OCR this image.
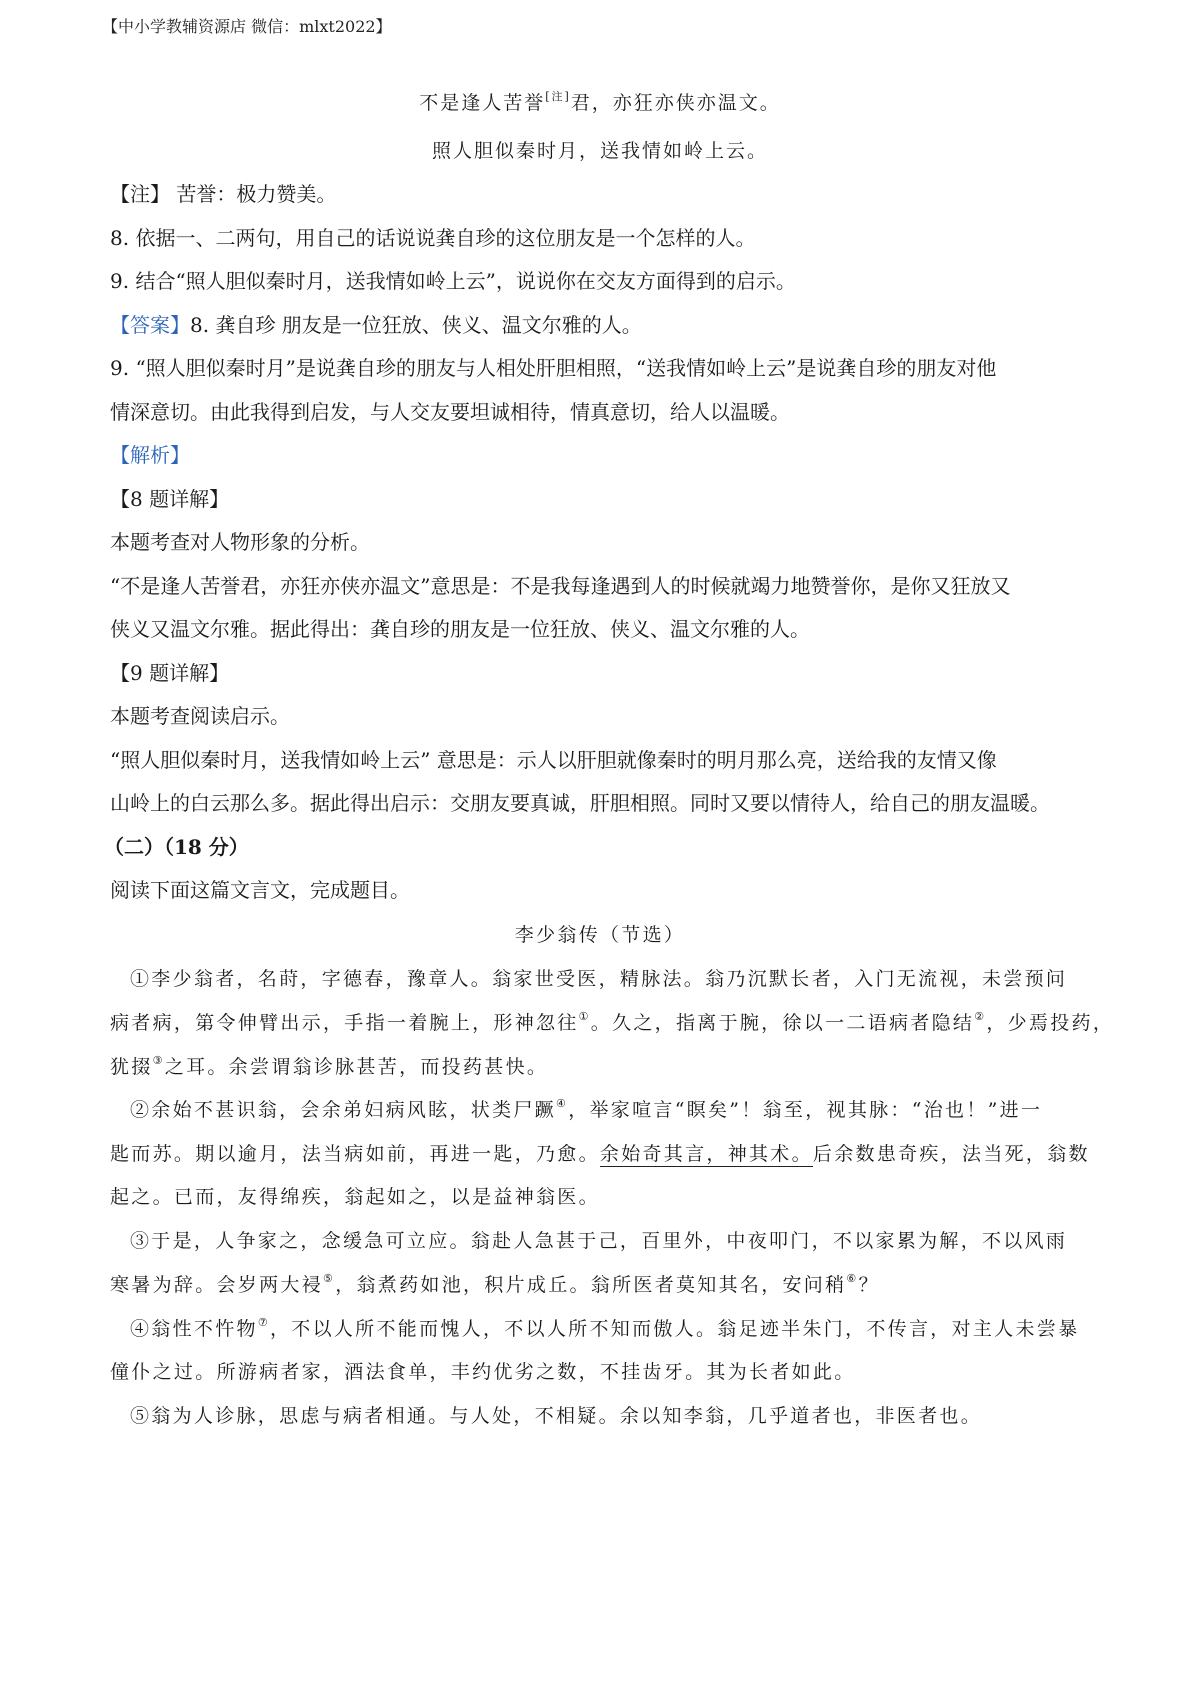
【中小学教辅资源店 微信：mlxt2022】
不是逢人苦誉[注]君，亦狂亦侠亦温文。
照人胆似秦时月，送我情如岭上云。
【注】 苦誉：极力赞美。
8. 依据一、二两句，用自己的话说说龚自珍的这位朋友是一个怎样的人。
9. 结合“照人胆似秦时月，送我情如岭上云”，说说你在交友方面得到的启示。
【答案】8. 龚自珍 朋友是一位狂放、侠义、温文尔雅的人。
9. “照人胆似秦时月”是说龚自珍的朋友与人相处肝胆相照，“送我情如岭上云”是说龚自珍的朋友对他
情深意切。由此我得到启发，与人交友要坦诚相待，情真意切，给人以温暖。
【解析】
【8 题详解】
本题考查对人物形象的分析。
“不是逢人苦誉君，亦狂亦侠亦温文”意思是：不是我每逢遇到人的时候就竭力地赞誉你，是你又狂放又
侠义又温文尔雅。据此得出：龚自珍的朋友是一位狂放、侠义、温文尔雅的人。
【9 题详解】
本题考查阅读启示。
“照人胆似秦时月，送我情如岭上云” 意思是：示人以肝胆就像秦时的明月那么亮，送给我的友情又像
山岭上的白云那么多。据此得出启示：交朋友要真诚，肝胆相照。同时又要以情待人，给自己的朋友温暖。
（二）（18 分）
阅读下面这篇文言文，完成题目。
李少翁传（节选）
①李少翁者，名莳，字德春，豫章人。翁家世受医，精脉法。翁乃沉默长者，入门无流视，未尝预问
病者病，第令伸臂出示，手指一着腕上，形神忽往①。久之，指离于腕，徐以一二语病者隐结②，少焉投药，
犹掇③之耳。余尝谓翁诊脉甚苦，而投药甚快。
②余始不甚识翁，会余弟妇病风眩，状类尸蹶④，举家喧言“瞑矣”！翁至，视其脉：“治也！”进一
匙而苏。期以逾月，法当病如前，再进一匙，乃愈。余始奇其言，神其术。后余数患奇疾，法当死，翁数
起之。已而，友得绵疾，翁起如之，以是益神翁医。
③于是，人争家之，念缓急可立应。翁赴人急甚于己，百里外，中夜叩门，不以家累为解，不以风雨
寒暑为辞。会岁两大祲⑤，翁煮药如池，积片成丘。翁所医者莫知其名，安问稍⑥？
④翁性不忤物⑦，不以人所不能而愧人，不以人所不知而傲人。翁足迹半朱门，不传言，对主人未尝暴
僮仆之过。所游病者家，酒法食单，丰约优劣之数，不挂齿牙。其为长者如此。
⑤翁为人诊脉，思虑与病者相通。与人处，不相疑。余以知李翁，几乎道者也，非医者也。
